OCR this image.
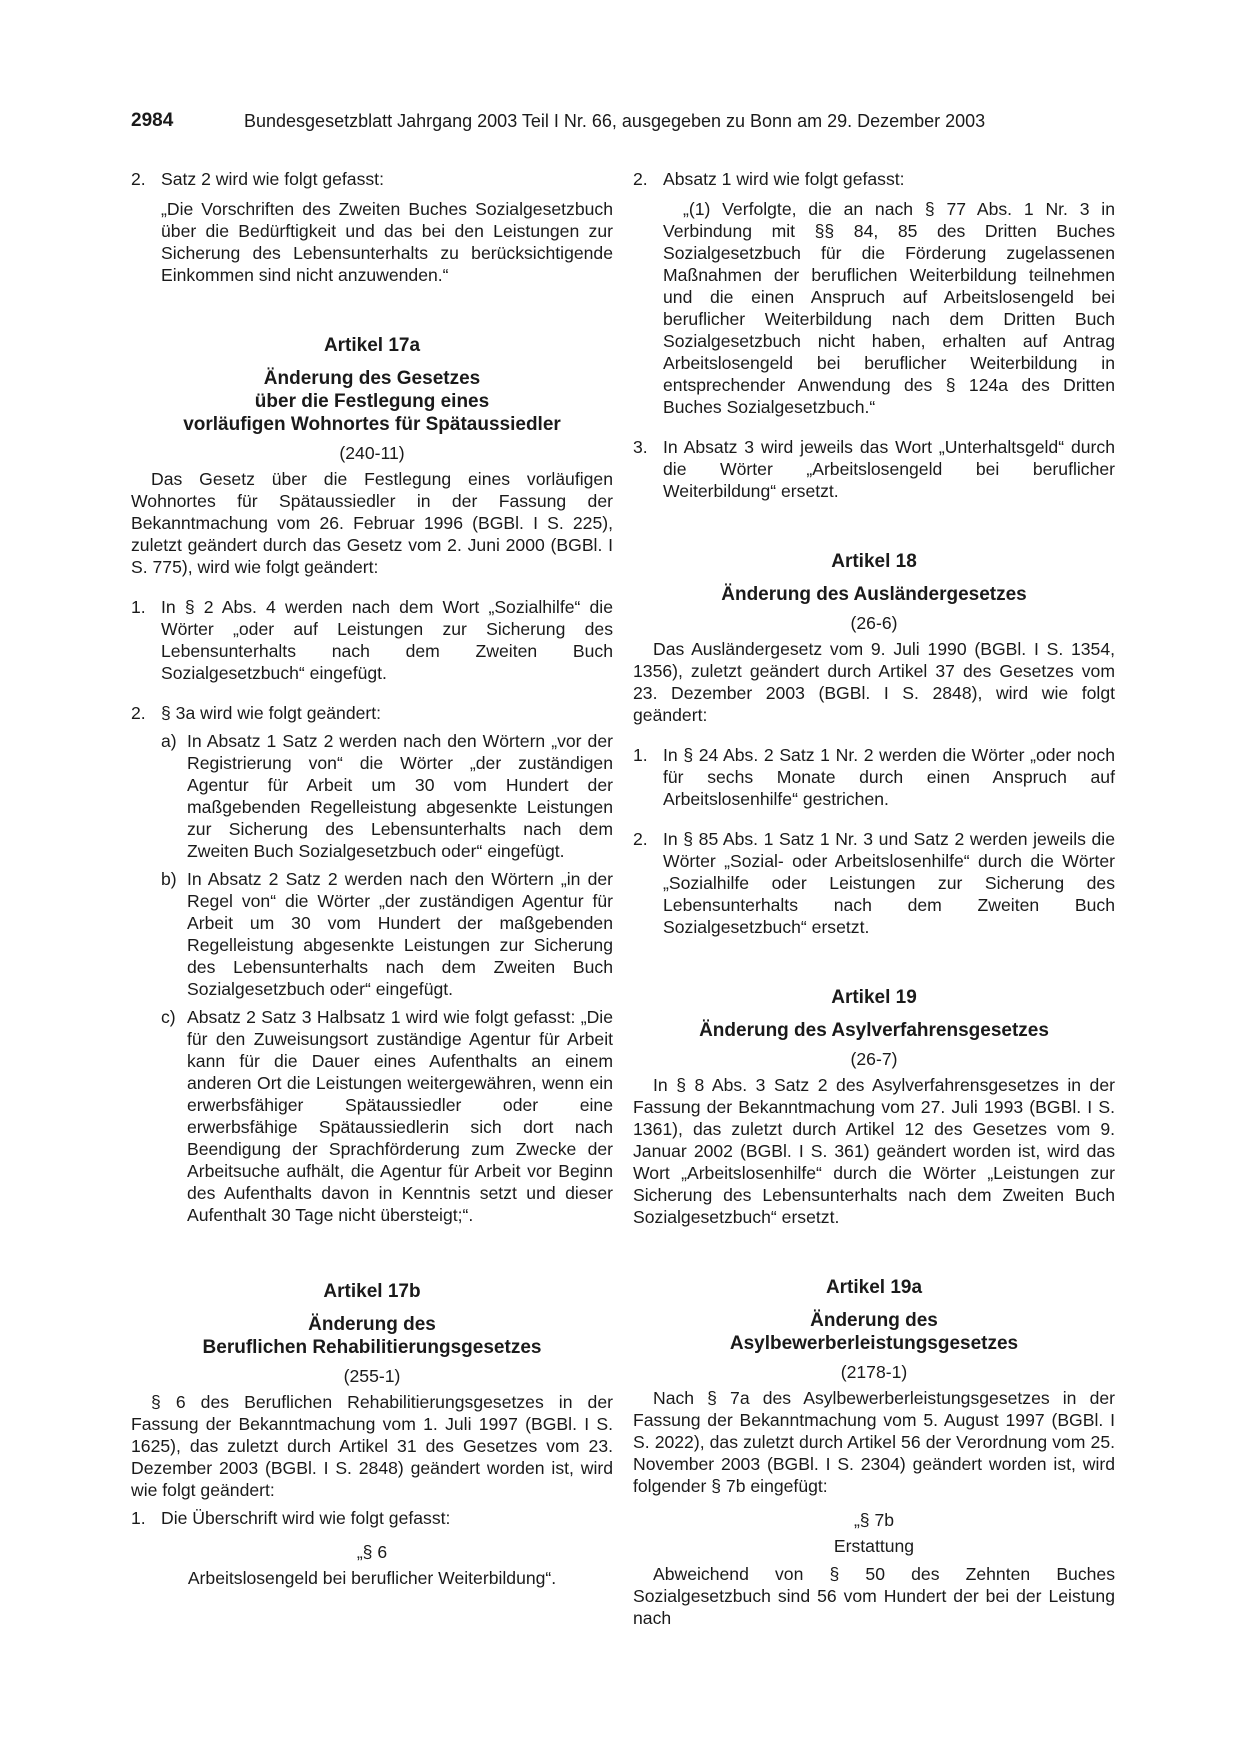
2984	Bundesgesetzblatt Jahrgang 2003 Teil I Nr. 66, ausgegeben zu Bonn am 29. Dezember 2003

2. Satz 2 wird wie folgt gefasst:

„Die Vorschriften des Zweiten Buches Sozialgesetzbuch über die Bedürftigkeit und das bei den Leistungen zur Sicherung des Lebensunterhalts zu berücksichtigende Einkommen sind nicht anzuwenden.“

Artikel 17a

Änderung des Gesetzes
über die Festlegung eines
vorläufigen Wohnortes für Spätaussiedler

(240-11)

Das Gesetz über die Festlegung eines vorläufigen Wohnortes für Spätaussiedler in der Fassung der Bekanntmachung vom 26. Februar 1996 (BGBl. I S. 225), zuletzt geändert durch das Gesetz vom 2. Juni 2000 (BGBl. I S. 775), wird wie folgt geändert:

1. In § 2 Abs. 4 werden nach dem Wort „Sozialhilfe“ die Wörter „oder auf Leistungen zur Sicherung des Lebensunterhalts nach dem Zweiten Buch Sozialgesetzbuch“ eingefügt.

2. § 3a wird wie folgt geändert:

a) In Absatz 1 Satz 2 werden nach den Wörtern „vor der Registrierung von“ die Wörter „der zuständigen Agentur für Arbeit um 30 vom Hundert der maßgebenden Regelleistung abgesenkte Leistungen zur Sicherung des Lebensunterhalts nach dem Zweiten Buch Sozialgesetzbuch oder“ eingefügt.

b) In Absatz 2 Satz 2 werden nach den Wörtern „in der Regel von“ die Wörter „der zuständigen Agentur für Arbeit um 30 vom Hundert der maßgebenden Regelleistung abgesenkte Leistungen zur Sicherung des Lebensunterhalts nach dem Zweiten Buch Sozialgesetzbuch oder“ eingefügt.

c) Absatz 2 Satz 3 Halbsatz 1 wird wie folgt gefasst: „Die für den Zuweisungsort zuständige Agentur für Arbeit kann für die Dauer eines Aufenthalts an einem anderen Ort die Leistungen weitergewähren, wenn ein erwerbsfähiger Spätaussiedler oder eine erwerbsfähige Spätaussiedlerin sich dort nach Beendigung der Sprachförderung zum Zwecke der Arbeitsuche aufhält, die Agentur für Arbeit vor Beginn des Aufenthalts davon in Kenntnis setzt und dieser Aufenthalt 30 Tage nicht übersteigt;“.

Artikel 17b

Änderung des
Beruflichen Rehabilitierungsgesetzes

(255-1)

§ 6 des Beruflichen Rehabilitierungsgesetzes in der Fassung der Bekanntmachung vom 1. Juli 1997 (BGBl. I S. 1625), das zuletzt durch Artikel 31 des Gesetzes vom 23. Dezember 2003 (BGBl. I S. 2848) geändert worden ist, wird wie folgt geändert:

1. Die Überschrift wird wie folgt gefasst:

„§ 6

Arbeitslosengeld bei beruflicher Weiterbildung“.

2. Absatz 1 wird wie folgt gefasst:

„(1) Verfolgte, die an nach § 77 Abs. 1 Nr. 3 in Verbindung mit §§ 84, 85 des Dritten Buches Sozialgesetzbuch für die Förderung zugelassenen Maßnahmen der beruflichen Weiterbildung teilnehmen und die einen Anspruch auf Arbeitslosengeld bei beruflicher Weiterbildung nach dem Dritten Buch Sozialgesetzbuch nicht haben, erhalten auf Antrag Arbeitslosengeld bei beruflicher Weiterbildung in entsprechender Anwendung des § 124a des Dritten Buches Sozialgesetzbuch.“

3. In Absatz 3 wird jeweils das Wort „Unterhaltsgeld“ durch die Wörter „Arbeitslosengeld bei beruflicher Weiterbildung“ ersetzt.

Artikel 18

Änderung des Ausländergesetzes

(26-6)

Das Ausländergesetz vom 9. Juli 1990 (BGBl. I S. 1354, 1356), zuletzt geändert durch Artikel 37 des Gesetzes vom 23. Dezember 2003 (BGBl. I S. 2848), wird wie folgt geändert:

1. In § 24 Abs. 2 Satz 1 Nr. 2 werden die Wörter „oder noch für sechs Monate durch einen Anspruch auf Arbeitslosenhilfe“ gestrichen.

2. In § 85 Abs. 1 Satz 1 Nr. 3 und Satz 2 werden jeweils die Wörter „Sozial- oder Arbeitslosenhilfe“ durch die Wörter „Sozialhilfe oder Leistungen zur Sicherung des Lebensunterhalts nach dem Zweiten Buch Sozialgesetzbuch“ ersetzt.

Artikel 19

Änderung des Asylverfahrensgesetzes

(26-7)

In § 8 Abs. 3 Satz 2 des Asylverfahrensgesetzes in der Fassung der Bekanntmachung vom 27. Juli 1993 (BGBl. I S. 1361), das zuletzt durch Artikel 12 des Gesetzes vom 9. Januar 2002 (BGBl. I S. 361) geändert worden ist, wird das Wort „Arbeitslosenhilfe“ durch die Wörter „Leistungen zur Sicherung des Lebensunterhalts nach dem Zweiten Buch Sozialgesetzbuch“ ersetzt.

Artikel 19a

Änderung des
Asylbewerberleistungsgesetzes

(2178-1)

Nach § 7a des Asylbewerberleistungsgesetzes in der Fassung der Bekanntmachung vom 5. August 1997 (BGBl. I S. 2022), das zuletzt durch Artikel 56 der Verordnung vom 25. November 2003 (BGBl. I S. 2304) geändert worden ist, wird folgender § 7b eingefügt:

„§ 7b

Erstattung

Abweichend von § 50 des Zehnten Buches Sozialgesetzbuch sind 56 vom Hundert der bei der Leistung nach
